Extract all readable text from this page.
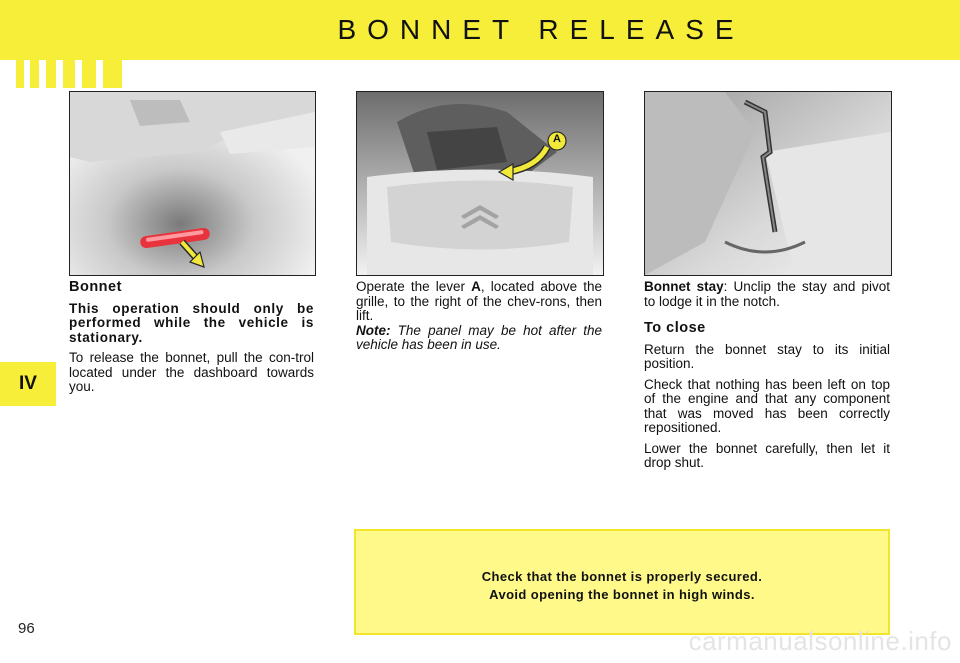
BONNET RELEASE
IV
A
Bonnet

This operation should only be performed while the vehicle is stationary.

To release the bonnet, pull the con-trol located under the dashboard towards you.

Operate the lever A, located above the grille, to the right of the chev-rons, then lift.
Note: The panel may be hot after the vehicle has been in use.

Bonnet stay: Unclip the stay and pivot to lodge it in the notch.

To close

Return the bonnet stay to its initial position.

Check that nothing has been left on top of the engine and that any component that was moved has been correctly repositioned.

Lower the bonnet carefully, then let it drop shut.

Check that the bonnet is properly secured.
Avoid opening the bonnet in high winds.
96	carmanualsonline.info
